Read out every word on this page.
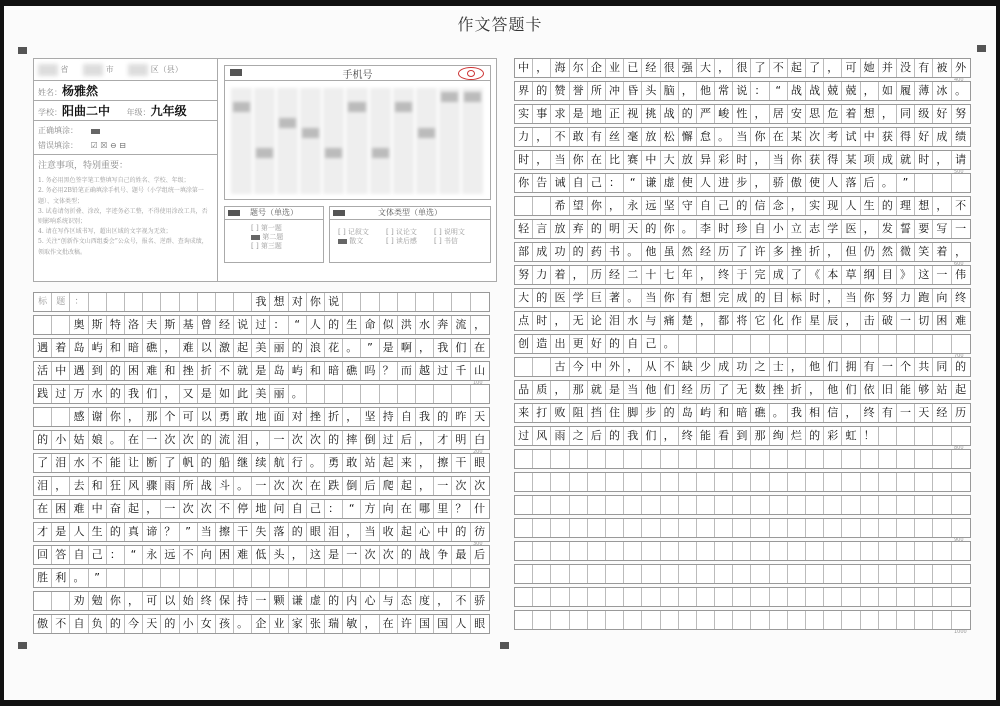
作文答题卡
省	市	区（县）
姓名：杨雅然
学校：阳曲二中 年级：九年级
正确填涂：
错误填涂： ☑ ☒ ⊖ ⊟
注意事项，特别重要：
1. 务必用黑色签字笔工整填写自己的姓名、学校、年级；
2. 务必用2B铅笔正确填涂手机号、题号（小学组统一填涂第一题）、文体类型；
3. 试卷请勿折叠、涂改，字迹务必工整，不得使用涂改工具，否则影响系统识别；
4. 请在写作区域书写，超出区域的文字视为无效；
5. 关注“创新作文山西组委会”公众号，报名、逆群、查询成绩，领取作文批改稿。
手机号
题号（单选）
[ ] 第一题
第二题
[ ] 第三题
文体类型（单选）
[ ] 记叙文	[ ] 议论文	[ ] 说明文
散文	[ ] 读后感	[ ] 书信
标	题	：	我 想 对 你 说
奥 斯 特 洛 夫 斯 基 曾 经 说 过 ： “ 人 的 生 命 似 洪 水 奔 流 ，
遇 着 岛 屿 和 暗 礁 ， 难 以 激 起 美 丽 的 浪 花 。 ” 是 啊 ， 我 们 在
活 中 遇 到 的 困 难 和 挫 折 不 就 是 岛 屿 和 暗 礁 吗 ？ 而 越 过 千 山
践 过 万 水 的 我 们 ， 又 是 如 此 美 丽 。
感 谢 你 ， 那 个 可 以 勇 敢 地 面 对 挫 折 ， 坚 持 自 我 的 昨 天
的 小 姑 娘 。 在 一 次 次 的 流 泪 ， 一 次 次 的 摔 倒 过 后 ， 才 明 白
了 泪 水 不 能 让 断 了 帆 的 船 继 续 航 行 。 勇 敢 站 起 来 ， 擦 干 眼
泪 ， 去 和 狂 风 骤 雨 所 战 斗 。 一 次 次 在 跌 倒 后 爬 起 ， 一 次 次
在 困 难 中 奋 起 ， 一 次 次 不 停 地 问 自 己 ： “ 方 向 在 哪 里 ？ 什
才 是 人 生 的 真 谛 ？ ” 当 擦 干 失 落 的 眼 泪 ， 当 收 起 心 中 的 彷
回 答 自 己 ： “ 永 远 不 向 困 难 低 头 ， 这 是 一 次 次 的 战 争 最 后
胜 利 。 ”
劝 勉 你 ， 可 以 始 终 保 持 一 颗 谦 虚 的 内 心 与 态 度 ， 不 骄
傲 不 自 负 的 今 天 的 小 女 孩 。 企 业 家 张 瑞 敏 ， 在 许 国 国 人 眼
100
200
300
中 ， 海 尔 企 业 已 经 很 强 大 ， 很 了 不 起 了 ， 可 她 并 没 有 被 外
界 的 赞 誉 所 冲 昏 头 脑 ， 他 常 说 ： “ 战 战 兢 兢 ， 如 履 薄 冰 。
实 事 求 是 地 正 视 挑 战 的 严 峻 性 ， 居 安 思 危 着 想 ， 同 级 好 努
力 ， 不 敢 有 丝 毫 放 松 懈 怠 。 当 你 在 某 次 考 试 中 获 得 好 成 绩
时 ， 当 你 在 比 赛 中 大 放 异 彩 时 ， 当 你 获 得 某 项 成 就 时 ， 请
你 告 诫 自 己 ： “ 谦 虚 使 人 进 步 ， 骄 傲 使 人 落 后 。 ”
希 望 你 ， 永 远 坚 守 自 己 的 信 念 ， 实 现 人 生 的 理 想 ， 不
轻 言 放 弃 的 明 天 的 你 。 李 时 珍 自 小 立 志 学 医 ， 发 誓 要 写 一
部 成 功 的 药 书 。 他 虽 然 经 历 了 许 多 挫 折 ， 但 仍 然 微 笑 着 ，
努 力 着 ， 历 经 二 十 七 年 ， 终 于 完 成 了 《 本 草 纲 目 》 这 一 伟
大 的 医 学 巨 著 。 当 你 有 想 完 成 的 目 标 时 ， 当 你 努 力 跑 向 终
点 时 ， 无 论 泪 水 与 痛 楚 ， 都 将 它 化 作 星 辰 ， 击 破 一 切 困 难
创 造 出 更 好 的 自 己 。
古 今 中 外 ， 从 不 缺 少 成 功 之 士 ， 他 们 拥 有 一 个 共 同 的
品 质 ， 那 就 是 当 他 们 经 历 了 无 数 挫 折 ， 他 们 依 旧 能 够 站 起
来 打 败 阻 挡 住 脚 步 的 岛 屿 和 暗 礁 。 我 相 信 ， 终 有 一 天 经 历
过 风 雨 之 后 的 我 们 ， 终 能 看 到 那 绚 烂 的 彩 虹 ！
400
500
600
700
800
900
1000
